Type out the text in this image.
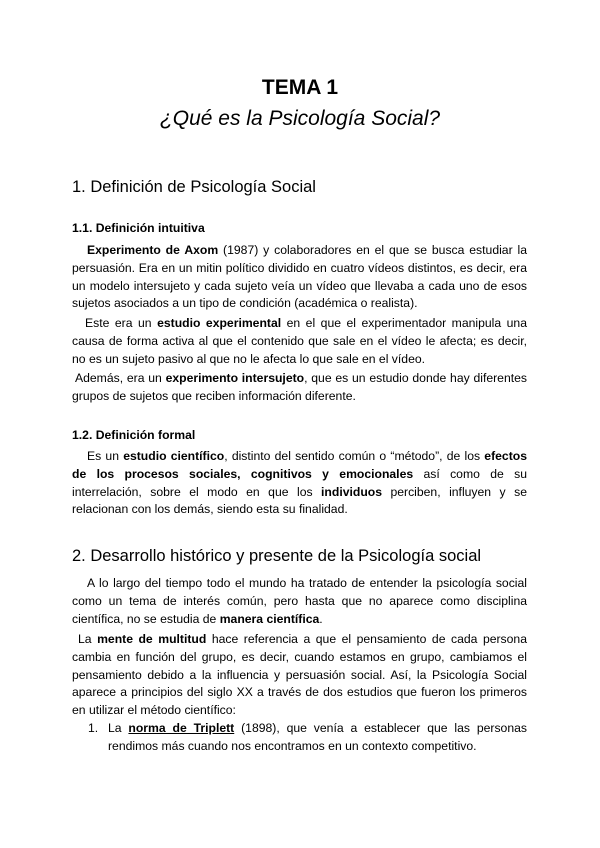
TEMA 1
¿Qué es la Psicología Social?
1. Definición de Psicología Social
1.1. Definición intuitiva

Experimento de Axom (1987) y colaboradores en el que se busca estudiar la persuasión. Era en un mitin político dividido en cuatro vídeos distintos, es decir, era un modelo intersujeto y cada sujeto veía un vídeo que llevaba a cada uno de esos sujetos asociados a un tipo de condición (académica o realista).

Este era un estudio experimental en el que el experimentador manipula una causa de forma activa al que el contenido que sale en el vídeo le afecta; es decir, no es un sujeto pasivo al que no le afecta lo que sale en el vídeo.

Además, era un experimento intersujeto, que es un estudio donde hay diferentes grupos de sujetos que reciben información diferente.

1.2. Definición formal

Es un estudio científico, distinto del sentido común o “método”, de los efectos de los procesos sociales, cognitivos y emocionales así como de su interrelación, sobre el modo en que los individuos perciben, influyen y se relacionan con los demás, siendo esta su finalidad.

2. Desarrollo histórico y presente de la Psicología social

A lo largo del tiempo todo el mundo ha tratado de entender la psicología social como un tema de interés común, pero hasta que no aparece como disciplina científica, no se estudia de manera científica.

La mente de multitud hace referencia a que el pensamiento de cada persona cambia en función del grupo, es decir, cuando estamos en grupo, cambiamos el pensamiento debido a la influencia y persuasión social. Así, la Psicología Social aparece a principios del siglo XX a través de dos estudios que fueron los primeros en utilizar el método científico:

1. La norma de Triplett (1898), que venía a establecer que las personas rendimos más cuando nos encontramos en un contexto competitivo.
